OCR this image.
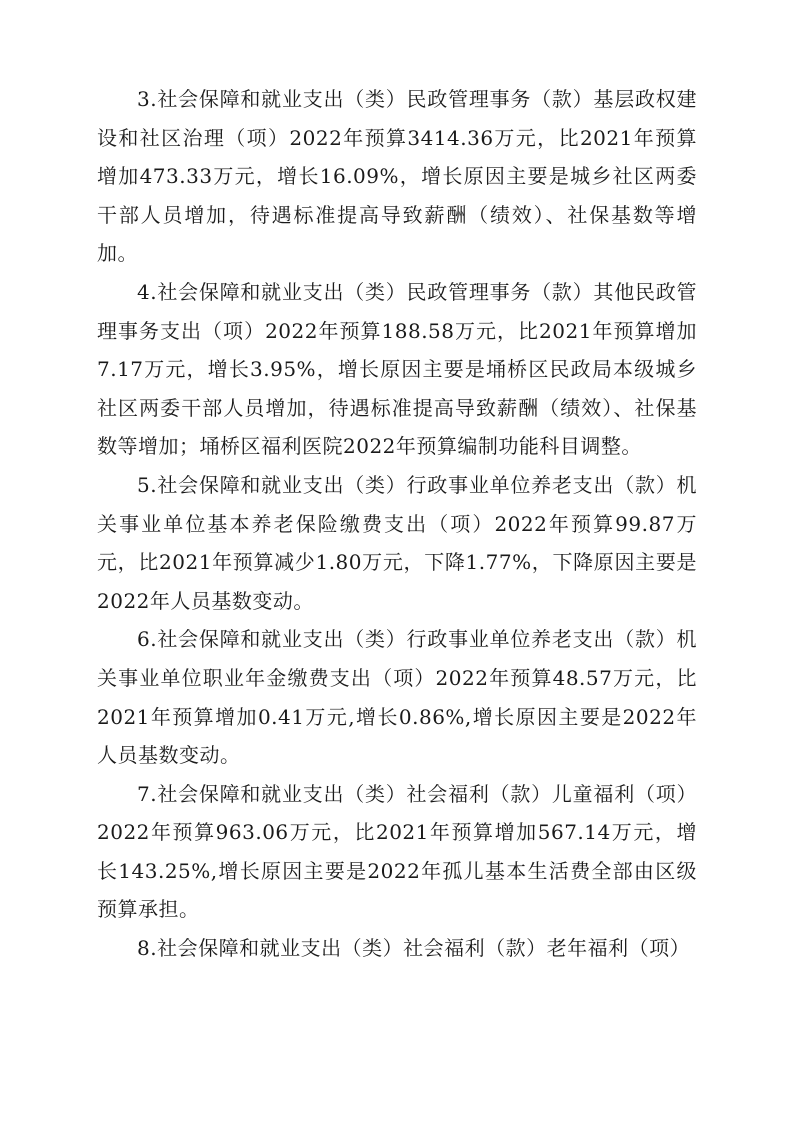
3.社会保障和就业支出（类）民政管理事务（款）基层政权建设和社区治理（项）2022年预算3414.36万元，比2021年预算增加473.33万元，增长16.09%，增长原因主要是城乡社区两委干部人员增加，待遇标准提高导致薪酬（绩效）、社保基数等增加。

4.社会保障和就业支出（类）民政管理事务（款）其他民政管理事务支出（项）2022年预算188.58万元，比2021年预算增加7.17万元，增长3.95%，增长原因主要是埇桥区民政局本级城乡社区两委干部人员增加，待遇标准提高导致薪酬（绩效）、社保基数等增加；埇桥区福利医院2022年预算编制功能科目调整。

5.社会保障和就业支出（类）行政事业单位养老支出（款）机关事业单位基本养老保险缴费支出（项）2022年预算99.87万元，比2021年预算减少1.80万元，下降1.77%，下降原因主要是2022年人员基数变动。

6.社会保障和就业支出（类）行政事业单位养老支出（款）机关事业单位职业年金缴费支出（项）2022年预算48.57万元，比2021年预算增加0.41万元,增长0.86%,增长原因主要是2022年人员基数变动。

7.社会保障和就业支出（类）社会福利（款）儿童福利（项）2022年预算963.06万元，比2021年预算增加567.14万元，增长143.25%,增长原因主要是2022年孤儿基本生活费全部由区级预算承担。

8.社会保障和就业支出（类）社会福利（款）老年福利（项）
